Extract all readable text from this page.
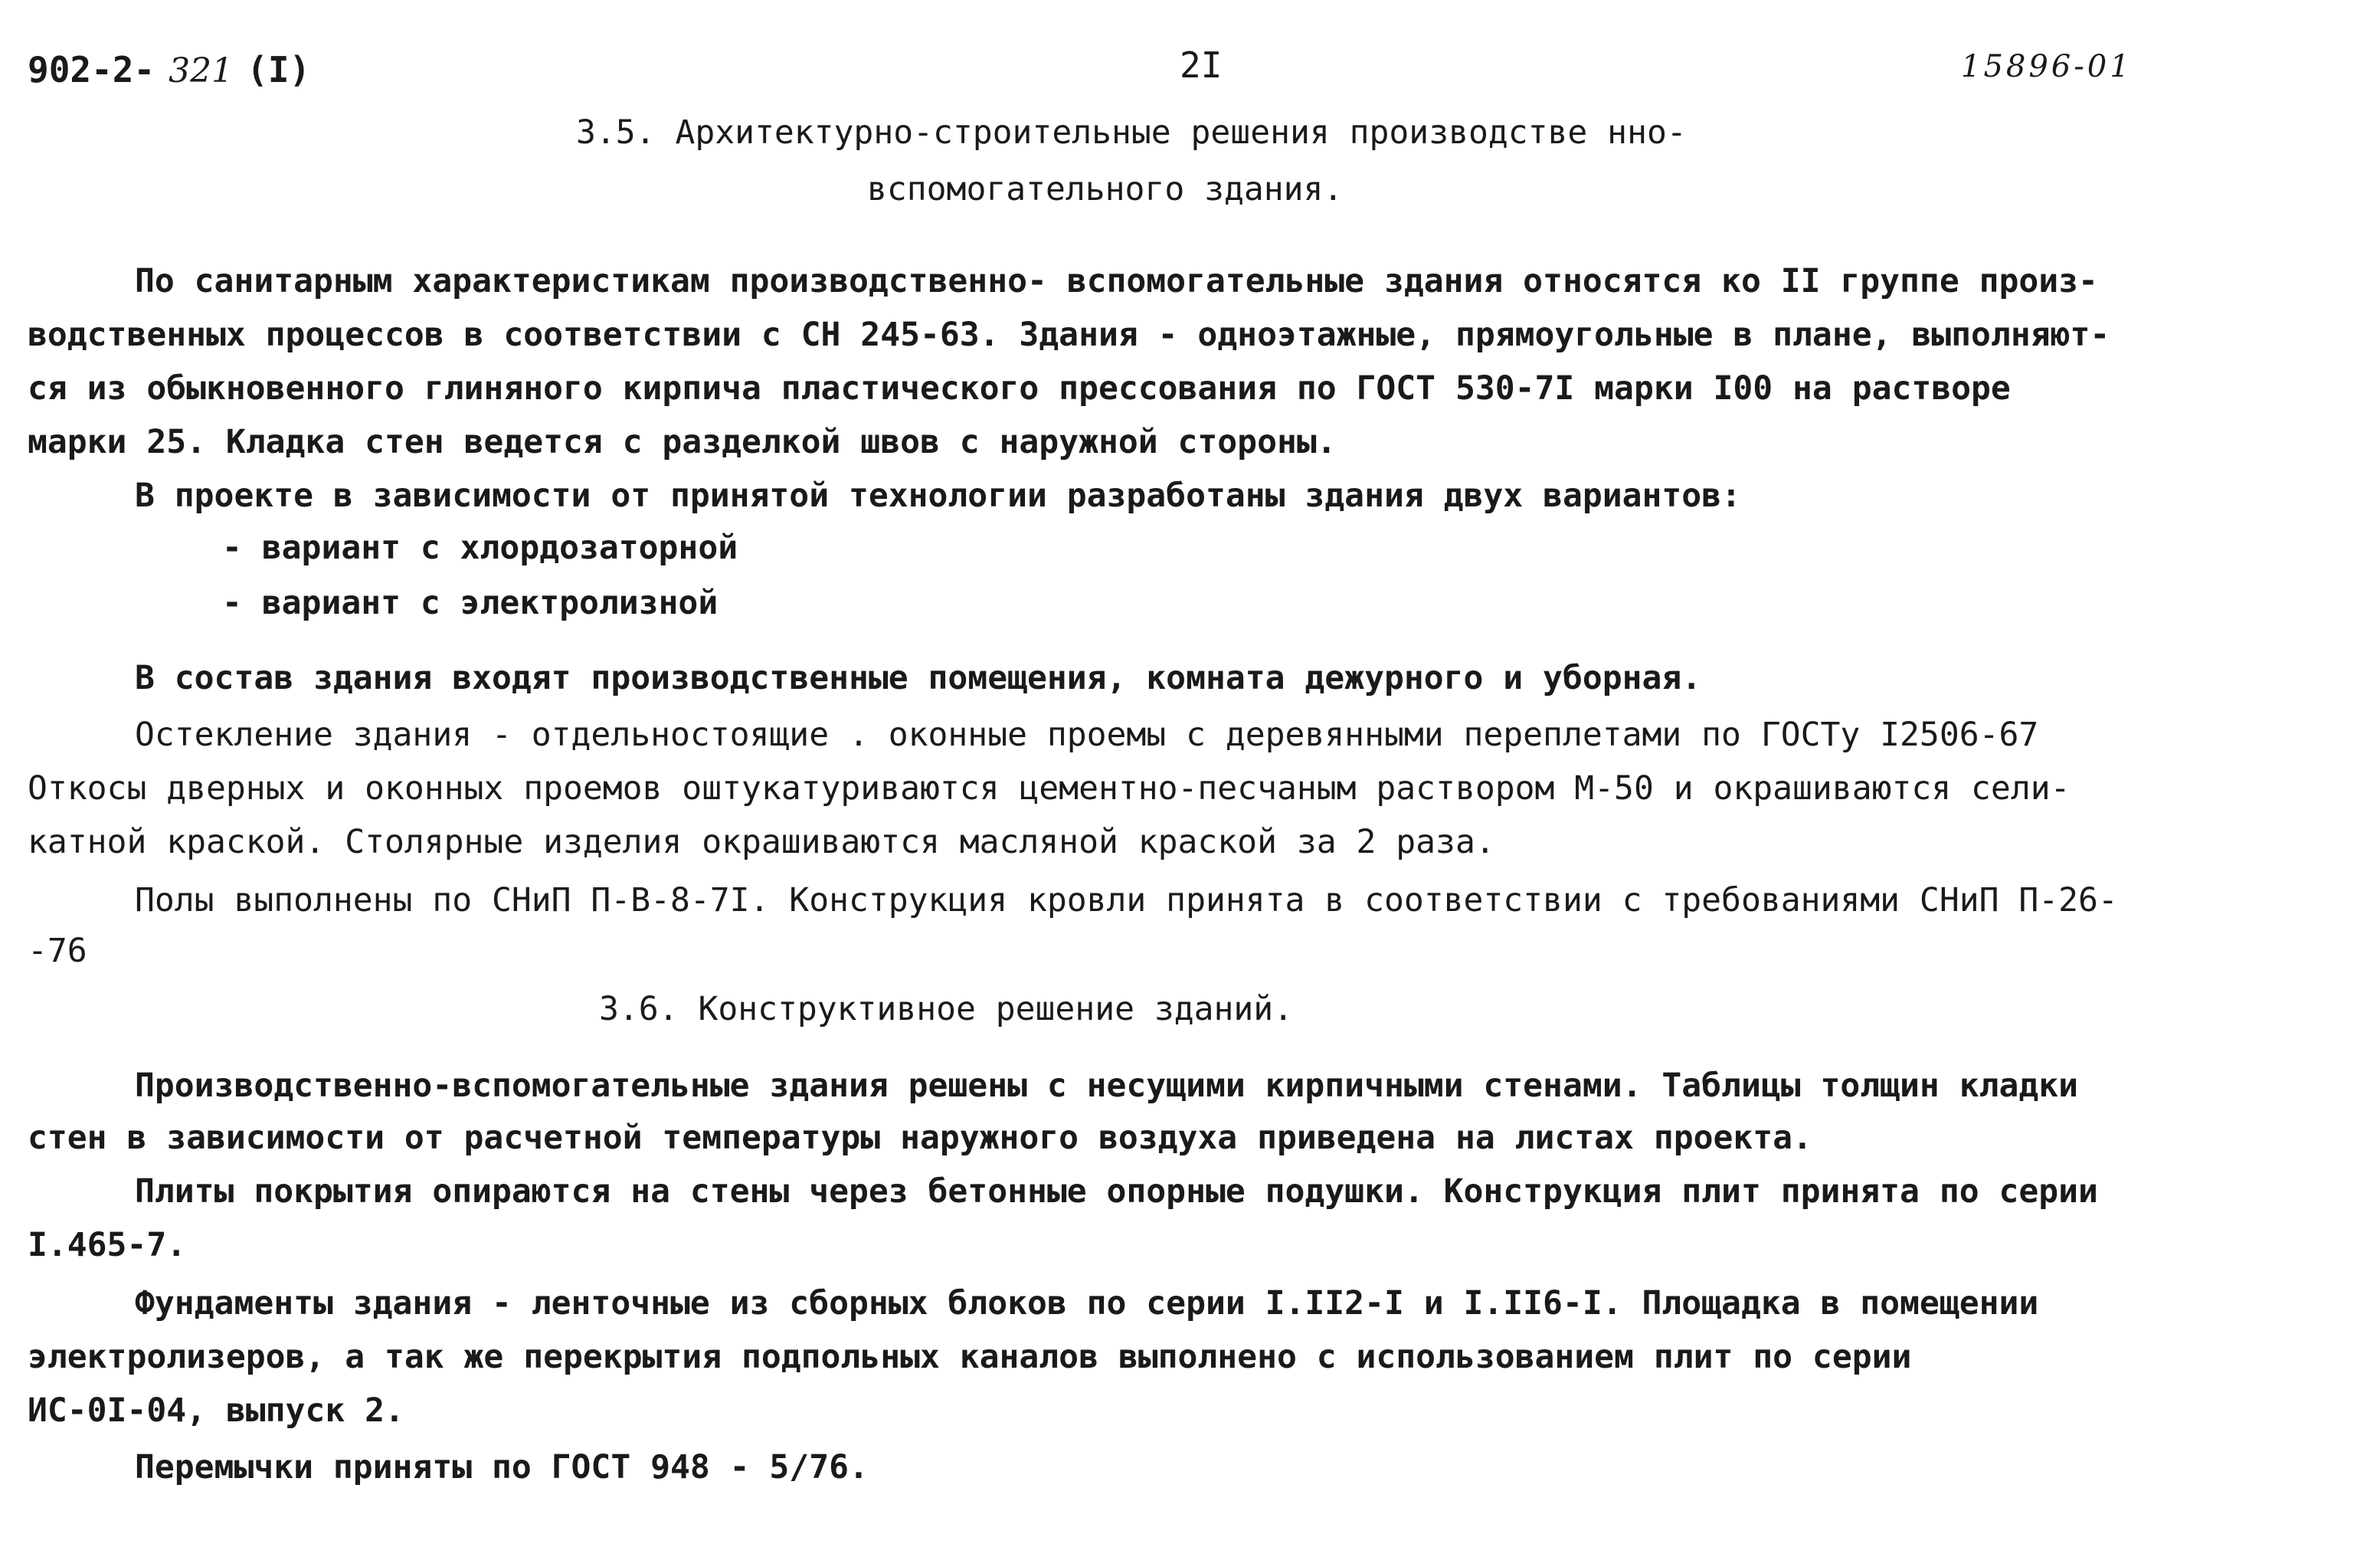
902-2- 321 (I)	2I	15896-01
3.5. Архитектурно-строительные решения производстве нно-
вспомогательного здания.
По санитарным характеристикам производственно- вспомогательные здания относятся ко II группе произ-
водственных процессов в соответствии с СН 245-63. Здания - одноэтажные, прямоугольные в плане, выполняют-
ся из обыкновенного глиняного кирпича пластического прессования по ГОСТ 530-7I марки I00 на растворе
марки 25. Кладка стен ведется с разделкой швов с наружной стороны.
В проекте в зависимости от принятой технологии разработаны здания двух вариантов:
- вариант с хлордозаторной
- вариант с электролизной
В состав здания входят производственные помещения, комната дежурного и уборная.
Остекление здания - отдельностоящие . оконные проемы с деревянными переплетами по ГОСТу I2506-67
Откосы дверных и оконных проемов оштукатуриваются цементно-песчаным раствором М-50 и окрашиваются сели-
катной краской. Столярные изделия окрашиваются масляной краской за 2 раза.
Полы выполнены по СНиП П-В-8-7I. Конструкция кровли принята в соответствии с требованиями СНиП П-26-
-76
3.6. Конструктивное решение зданий.
Производственно-вспомогательные здания решены с несущими кирпичными стенами. Таблицы толщин кладки
стен в зависимости от расчетной температуры наружного воздуха приведена на листах проекта.
Плиты покрытия опираются на стены через бетонные опорные подушки. Конструкция плит принята по серии
I.465-7.
Фундаменты здания - ленточные из сборных блоков по серии I.II2-I и I.II6-I. Площадка в помещении
электролизеров, а так же перекрытия подпольных каналов выполнено с использованием плит по серии
ИС-0I-04, выпуск 2.
Перемычки приняты по ГОСТ 948 - 5/76.
